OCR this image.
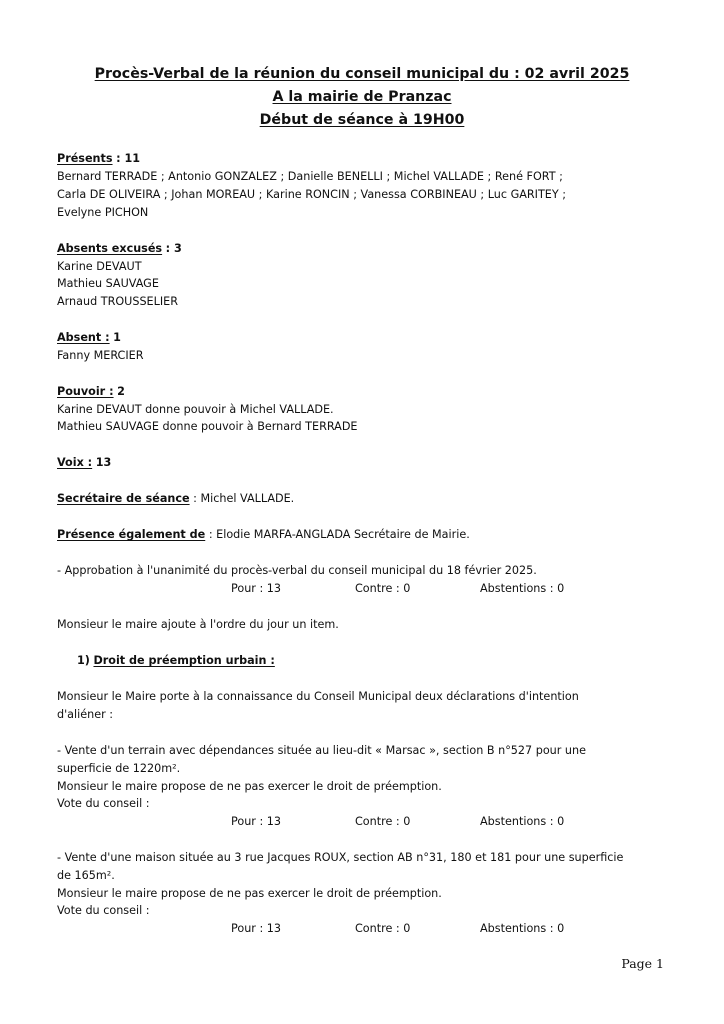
Procès-Verbal de la réunion du conseil municipal du : 02 avril 2025
A la mairie de Pranzac
Début de séance à 19H00
Présents : 11
Bernard TERRADE ; Antonio GONZALEZ ; Danielle BENELLI ; Michel VALLADE ; René FORT ;
Carla DE OLIVEIRA ; Johan MOREAU ; Karine RONCIN ; Vanessa CORBINEAU ; Luc GARITEY ;
Evelyne PICHON
Absents excusés : 3
Karine DEVAUT
Mathieu SAUVAGE
Arnaud TROUSSELIER
Absent : 1
Fanny MERCIER
Pouvoir : 2
Karine DEVAUT donne pouvoir à Michel VALLADE.
Mathieu SAUVAGE donne pouvoir à Bernard TERRADE
Voix : 13
Secrétaire de séance : Michel VALLADE.
Présence également de : Elodie MARFA-ANGLADA Secrétaire de Mairie.
- Approbation à l'unanimité du procès-verbal du conseil municipal du 18 février 2025.
Pour : 13	Contre : 0	Abstentions : 0
Monsieur le maire ajoute à l'ordre du jour un item.
1) Droit de préemption urbain :
Monsieur le Maire porte à la connaissance du Conseil Municipal deux déclarations d'intention
d'aliéner :
- Vente d'un terrain avec dépendances située au lieu-dit « Marsac », section B n°527 pour une
superficie de 1220m².
Monsieur le maire propose de ne pas exercer le droit de préemption.
Vote du conseil :
Pour : 13	Contre : 0	Abstentions : 0
- Vente d'une maison située au 3 rue Jacques ROUX, section AB n°31, 180 et 181 pour une superficie
de 165m².
Monsieur le maire propose de ne pas exercer le droit de préemption.
Vote du conseil :
Pour : 13	Contre : 0	Abstentions : 0
Page 1
